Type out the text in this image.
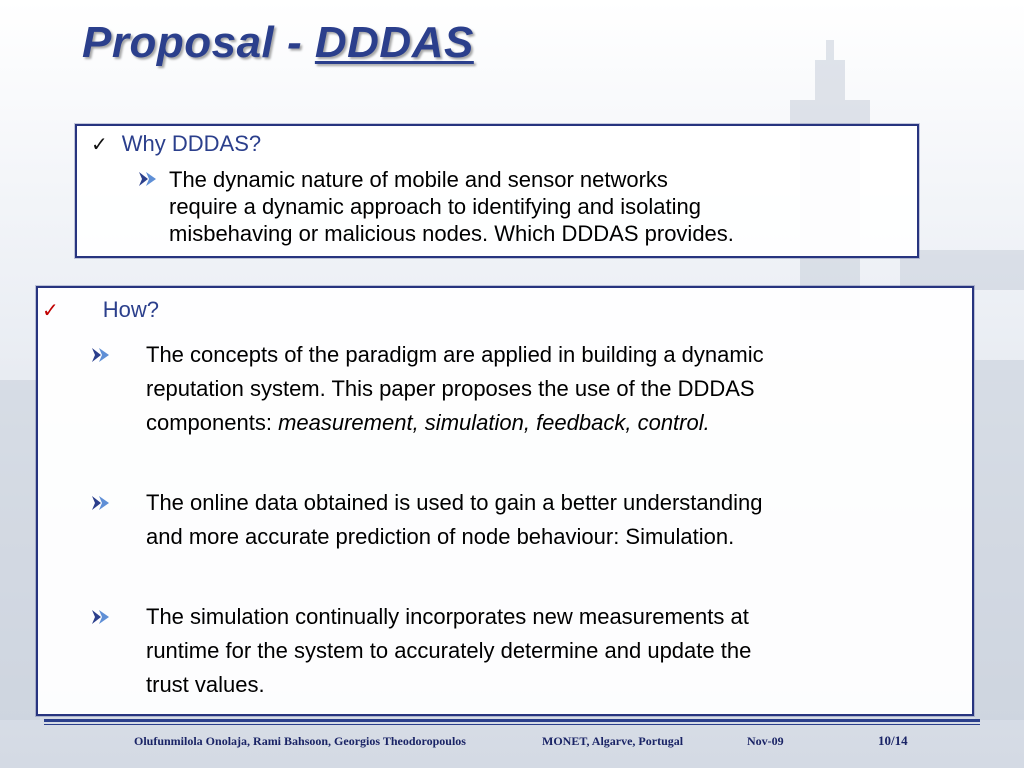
Proposal - DDDAS
✓ Why DDDAS?
The dynamic nature of mobile and sensor networks
require a dynamic approach to identifying and isolating
misbehaving or malicious nodes. Which DDDAS provides.
✓ How?
The concepts of the paradigm are applied in building a dynamic
reputation system. This paper proposes the use of the DDDAS
components: measurement, simulation, feedback, control.
The online data obtained is used to gain a better understanding
and more accurate prediction of node behaviour: Simulation.
The simulation continually incorporates new measurements at
runtime for the system to accurately determine and update the
trust values.
Olufunmilola Onolaja, Rami Bahsoon, Georgios Theodoropoulos	MONET, Algarve, Portugal	Nov-09	10/14
